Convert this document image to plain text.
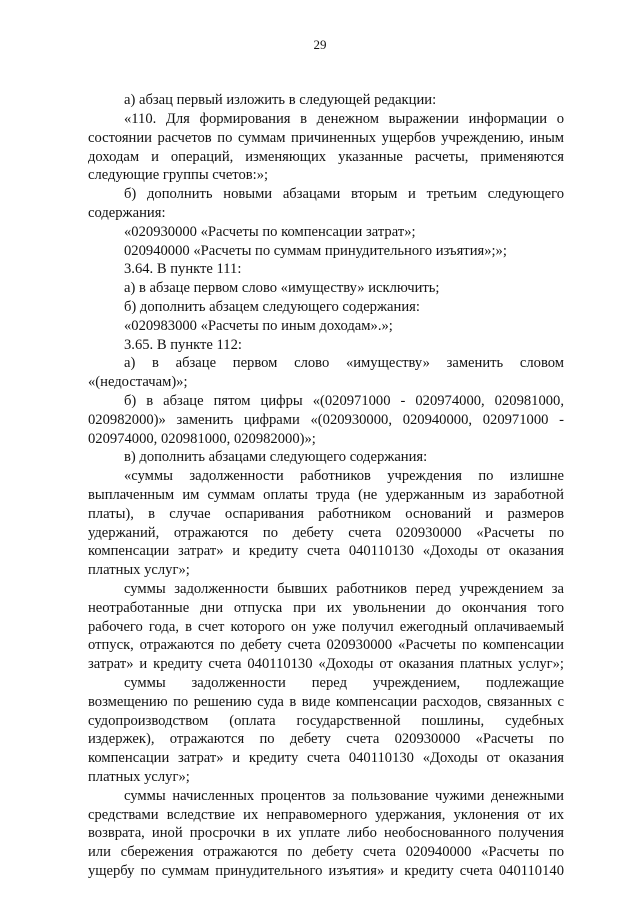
29
а) абзац первый изложить в следующей редакции:
«110. Для формирования в денежном выражении информации о
состоянии расчетов по суммам причиненных ущербов учреждению, иным
доходам и операций, изменяющих указанные расчеты, применяются
следующие группы счетов:»;
б) дополнить новыми абзацами вторым и третьим следующего
содержания:
«020930000 «Расчеты по компенсации затрат»;
020940000 «Расчеты по суммам принудительного изъятия»;»;
3.64. В пункте 111:
а) в абзаце первом слово «имуществу» исключить;
б) дополнить абзацем следующего содержания:
«020983000 «Расчеты по иным доходам».»;
3.65. В пункте 112:
а) в абзаце первом слово «имуществу» заменить словом
«(недостачам)»;
б) в абзаце пятом цифры «(020971000 - 020974000, 020981000,
020982000)» заменить цифрами «(020930000, 020940000, 020971000 -
020974000, 020981000, 020982000)»;
в) дополнить абзацами следующего содержания:
«суммы задолженности работников учреждения по излишне
выплаченным им суммам оплаты труда (не удержанным из заработной
платы), в случае оспаривания работником оснований и размеров
удержаний, отражаются по дебету счета 020930000 «Расчеты по
компенсации затрат» и кредиту счета 040110130 «Доходы от оказания
платных услуг»;
суммы задолженности бывших работников перед учреждением за
неотработанные дни отпуска при их увольнении до окончания того
рабочего года, в счет которого он уже получил ежегодный оплачиваемый
отпуск, отражаются по дебету счета 020930000 «Расчеты по компенсации
затрат» и кредиту счета 040110130 «Доходы от оказания платных услуг»;
суммы задолженности перед учреждением, подлежащие
возмещению по решению суда в виде компенсации расходов, связанных с
судопроизводством (оплата государственной пошлины, судебных
издержек), отражаются по дебету счета 020930000 «Расчеты по
компенсации затрат» и кредиту счета 040110130 «Доходы от оказания
платных услуг»;
суммы начисленных процентов за пользование чужими денежными
средствами вследствие их неправомерного удержания, уклонения от их
возврата, иной просрочки в их уплате либо необоснованного получения
или сбережения отражаются по дебету счета 020940000 «Расчеты по
ущербу по суммам принудительного изъятия» и кредиту счета 040110140
